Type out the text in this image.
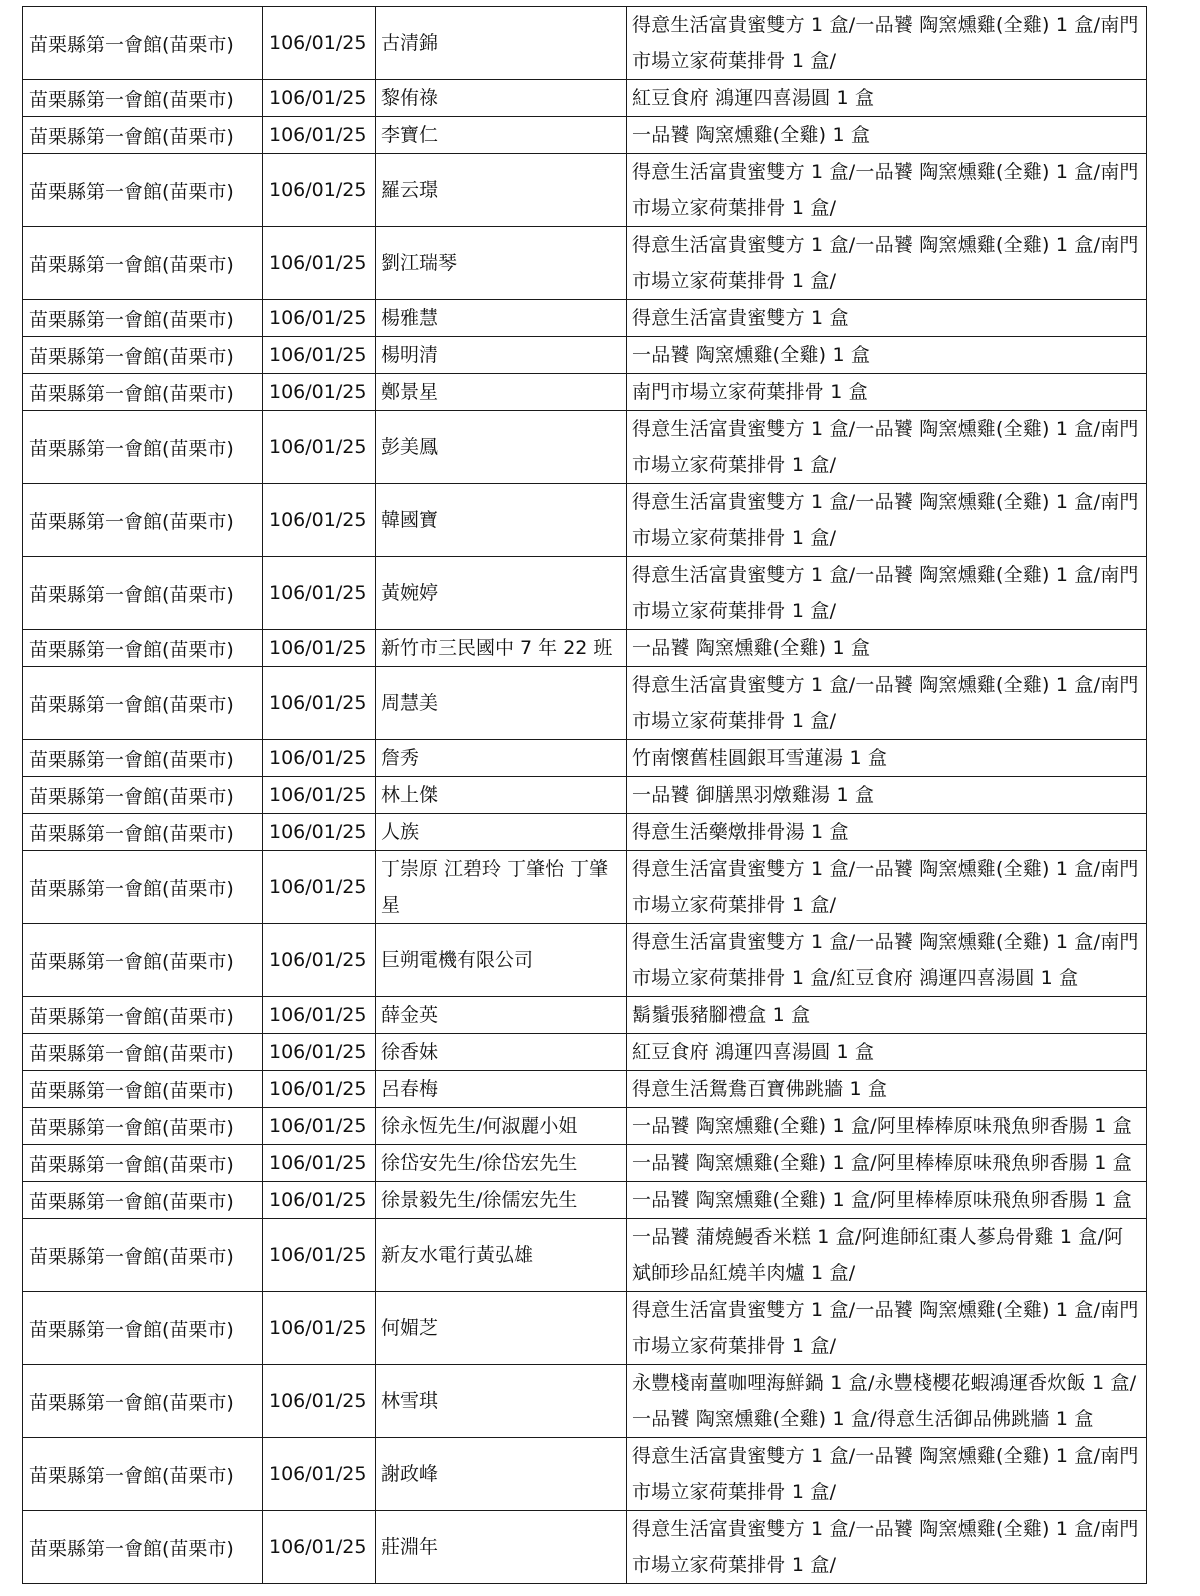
苗栗縣第一會館(苗栗市)	106/01/25	古清錦	得意生活富貴蜜雙方 1 盒/一品饕 陶窯燻雞(全雞) 1 盒/南門市場立家荷葉排骨 1 盒/
苗栗縣第一會館(苗栗市)	106/01/25	黎侑祿	紅豆食府 鴻運四喜湯圓 1 盒
苗栗縣第一會館(苗栗市)	106/01/25	李寶仁	一品饕 陶窯燻雞(全雞) 1 盒
苗栗縣第一會館(苗栗市)	106/01/25	羅云璟	得意生活富貴蜜雙方 1 盒/一品饕 陶窯燻雞(全雞) 1 盒/南門市場立家荷葉排骨 1 盒/
苗栗縣第一會館(苗栗市)	106/01/25	劉江瑞琴	得意生活富貴蜜雙方 1 盒/一品饕 陶窯燻雞(全雞) 1 盒/南門市場立家荷葉排骨 1 盒/
苗栗縣第一會館(苗栗市)	106/01/25	楊雅慧	得意生活富貴蜜雙方 1 盒
苗栗縣第一會館(苗栗市)	106/01/25	楊明清	一品饕 陶窯燻雞(全雞) 1 盒
苗栗縣第一會館(苗栗市)	106/01/25	鄭景星	南門市場立家荷葉排骨 1 盒
苗栗縣第一會館(苗栗市)	106/01/25	彭美鳳	得意生活富貴蜜雙方 1 盒/一品饕 陶窯燻雞(全雞) 1 盒/南門市場立家荷葉排骨 1 盒/
苗栗縣第一會館(苗栗市)	106/01/25	韓國寶	得意生活富貴蜜雙方 1 盒/一品饕 陶窯燻雞(全雞) 1 盒/南門市場立家荷葉排骨 1 盒/
苗栗縣第一會館(苗栗市)	106/01/25	黃婉婷	得意生活富貴蜜雙方 1 盒/一品饕 陶窯燻雞(全雞) 1 盒/南門市場立家荷葉排骨 1 盒/
苗栗縣第一會館(苗栗市)	106/01/25	新竹市三民國中 7 年 22 班	一品饕 陶窯燻雞(全雞) 1 盒
苗栗縣第一會館(苗栗市)	106/01/25	周慧美	得意生活富貴蜜雙方 1 盒/一品饕 陶窯燻雞(全雞) 1 盒/南門市場立家荷葉排骨 1 盒/
苗栗縣第一會館(苗栗市)	106/01/25	詹秀	竹南懷舊桂圓銀耳雪蓮湯 1 盒
苗栗縣第一會館(苗栗市)	106/01/25	林上傑	一品饕 御膳黑羽燉雞湯 1 盒
苗栗縣第一會館(苗栗市)	106/01/25	人族	得意生活藥燉排骨湯 1 盒
苗栗縣第一會館(苗栗市)	106/01/25	丁崇原 江碧玲 丁肇怡 丁肇星	得意生活富貴蜜雙方 1 盒/一品饕 陶窯燻雞(全雞) 1 盒/南門市場立家荷葉排骨 1 盒/
苗栗縣第一會館(苗栗市)	106/01/25	巨朔電機有限公司	得意生活富貴蜜雙方 1 盒/一品饕 陶窯燻雞(全雞) 1 盒/南門市場立家荷葉排骨 1 盒/紅豆食府 鴻運四喜湯圓 1 盒
苗栗縣第一會館(苗栗市)	106/01/25	薛金英	鬍鬚張豬腳禮盒 1 盒
苗栗縣第一會館(苗栗市)	106/01/25	徐香妹	紅豆食府 鴻運四喜湯圓 1 盒
苗栗縣第一會館(苗栗市)	106/01/25	呂春梅	得意生活鴛鴦百寶佛跳牆 1 盒
苗栗縣第一會館(苗栗市)	106/01/25	徐永恆先生/何淑麗小姐	一品饕 陶窯燻雞(全雞) 1 盒/阿里棒棒原味飛魚卵香腸 1 盒
苗栗縣第一會館(苗栗市)	106/01/25	徐岱安先生/徐岱宏先生	一品饕 陶窯燻雞(全雞) 1 盒/阿里棒棒原味飛魚卵香腸 1 盒
苗栗縣第一會館(苗栗市)	106/01/25	徐景毅先生/徐儒宏先生	一品饕 陶窯燻雞(全雞) 1 盒/阿里棒棒原味飛魚卵香腸 1 盒
苗栗縣第一會館(苗栗市)	106/01/25	新友水電行黃弘雄	一品饕 蒲燒鰻香米糕 1 盒/阿進師紅棗人蔘烏骨雞 1 盒/阿斌師珍品紅燒羊肉爐 1 盒/
苗栗縣第一會館(苗栗市)	106/01/25	何媚芝	得意生活富貴蜜雙方 1 盒/一品饕 陶窯燻雞(全雞) 1 盒/南門市場立家荷葉排骨 1 盒/
苗栗縣第一會館(苗栗市)	106/01/25	林雪琪	永豐棧南薑咖哩海鮮鍋 1 盒/永豐棧櫻花蝦鴻運香炊飯 1 盒/一品饕 陶窯燻雞(全雞) 1 盒/得意生活御品佛跳牆 1 盒
苗栗縣第一會館(苗栗市)	106/01/25	謝政峰	得意生活富貴蜜雙方 1 盒/一品饕 陶窯燻雞(全雞) 1 盒/南門市場立家荷葉排骨 1 盒/
苗栗縣第一會館(苗栗市)	106/01/25	莊淵年	得意生活富貴蜜雙方 1 盒/一品饕 陶窯燻雞(全雞) 1 盒/南門市場立家荷葉排骨 1 盒/
